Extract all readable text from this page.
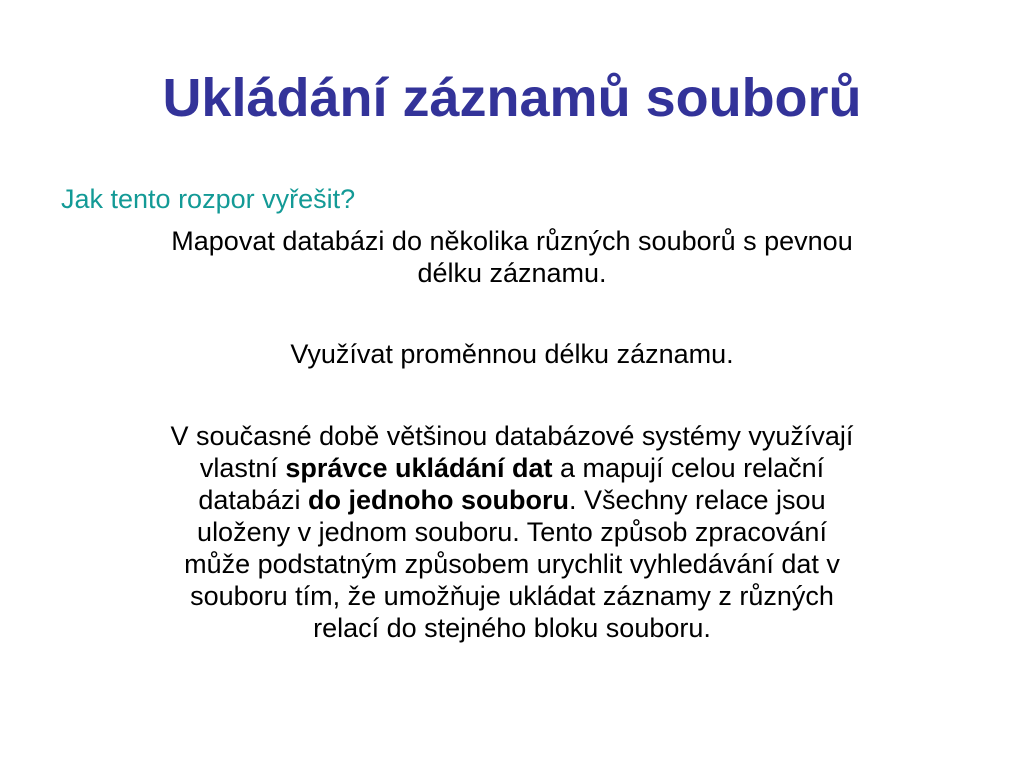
Ukládání záznamů souborů
Jak tento rozpor vyřešit?
Mapovat databázi do několika různých souborů s pevnou
délku záznamu.
Využívat proměnnou délku záznamu.
V současné době většinou databázové systémy využívají
vlastní správce ukládání dat a mapují celou relační
databázi do jednoho souboru. Všechny relace jsou
uloženy v jednom souboru. Tento způsob zpracování
může podstatným způsobem urychlit vyhledávání dat v
souboru tím, že umožňuje ukládat záznamy z různých
relací do stejného bloku souboru.
